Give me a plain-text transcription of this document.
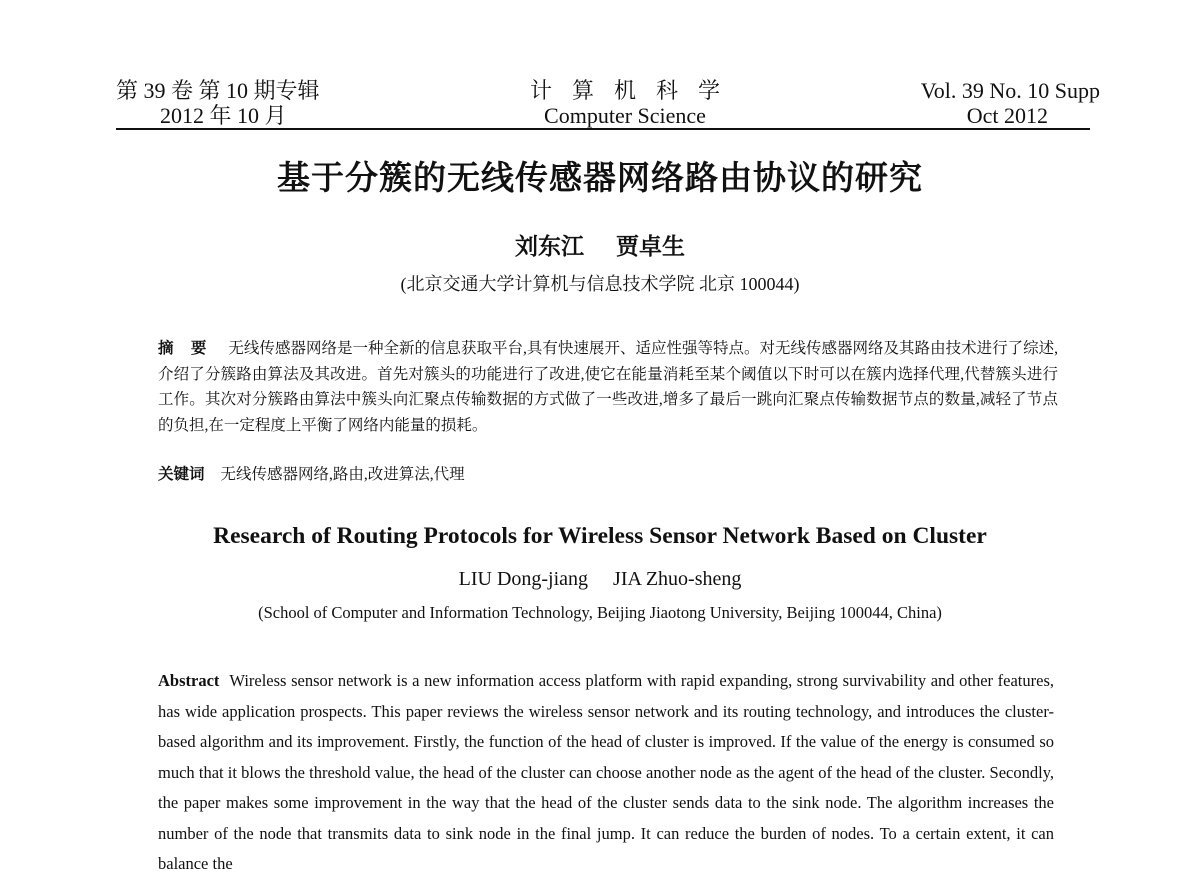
第 39 卷 第 10 期专辑
2012 年 10 月
计算机科学
Computer Science
Vol. 39 No. 10 Supp

Oct 2012
基于分簇的无线传感器网络路由协议的研究
刘东江 贾卓生
(北京交通大学计算机与信息技术学院 北京 100044)
摘 要 无线传感器网络是一种全新的信息获取平台,具有快速展开、适应性强等特点。对无线传感器网络及其路由技术进行了综述,介绍了分簇路由算法及其改进。首先对簇头的功能进行了改进,使它在能量消耗至某个阈值以下时可以在簇内选择代理,代替簇头进行工作。其次对分簇路由算法中簇头向汇聚点传输数据的方式做了一些改进,增多了最后一跳向汇聚点传输数据节点的数量,减轻了节点的负担,在一定程度上平衡了网络内能量的损耗。
关键词 无线传感器网络,路由,改进算法,代理
Research of Routing Protocols for Wireless Sensor Network Based on Cluster
LIU Dong-jiang JIA Zhuo-sheng
(School of Computer and Information Technology, Beijing Jiaotong University, Beijing 100044, China)
Abstract Wireless sensor network is a new information access platform with rapid expanding, strong survivability and other features, has wide application prospects. This paper reviews the wireless sensor network and its routing technology, and introduces the cluster-based algorithm and its improvement. Firstly, the function of the head of cluster is improved. If the value of the energy is consumed so much that it blows the threshold value, the head of the cluster can choose another node as the agent of the head of the cluster. Secondly, the paper makes some improvement in the way that the head of the cluster sends data to the sink node. The algorithm increases the number of the node that transmits data to sink node in the final jump. It can reduce the burden of nodes. To a certain extent, it can balance the
